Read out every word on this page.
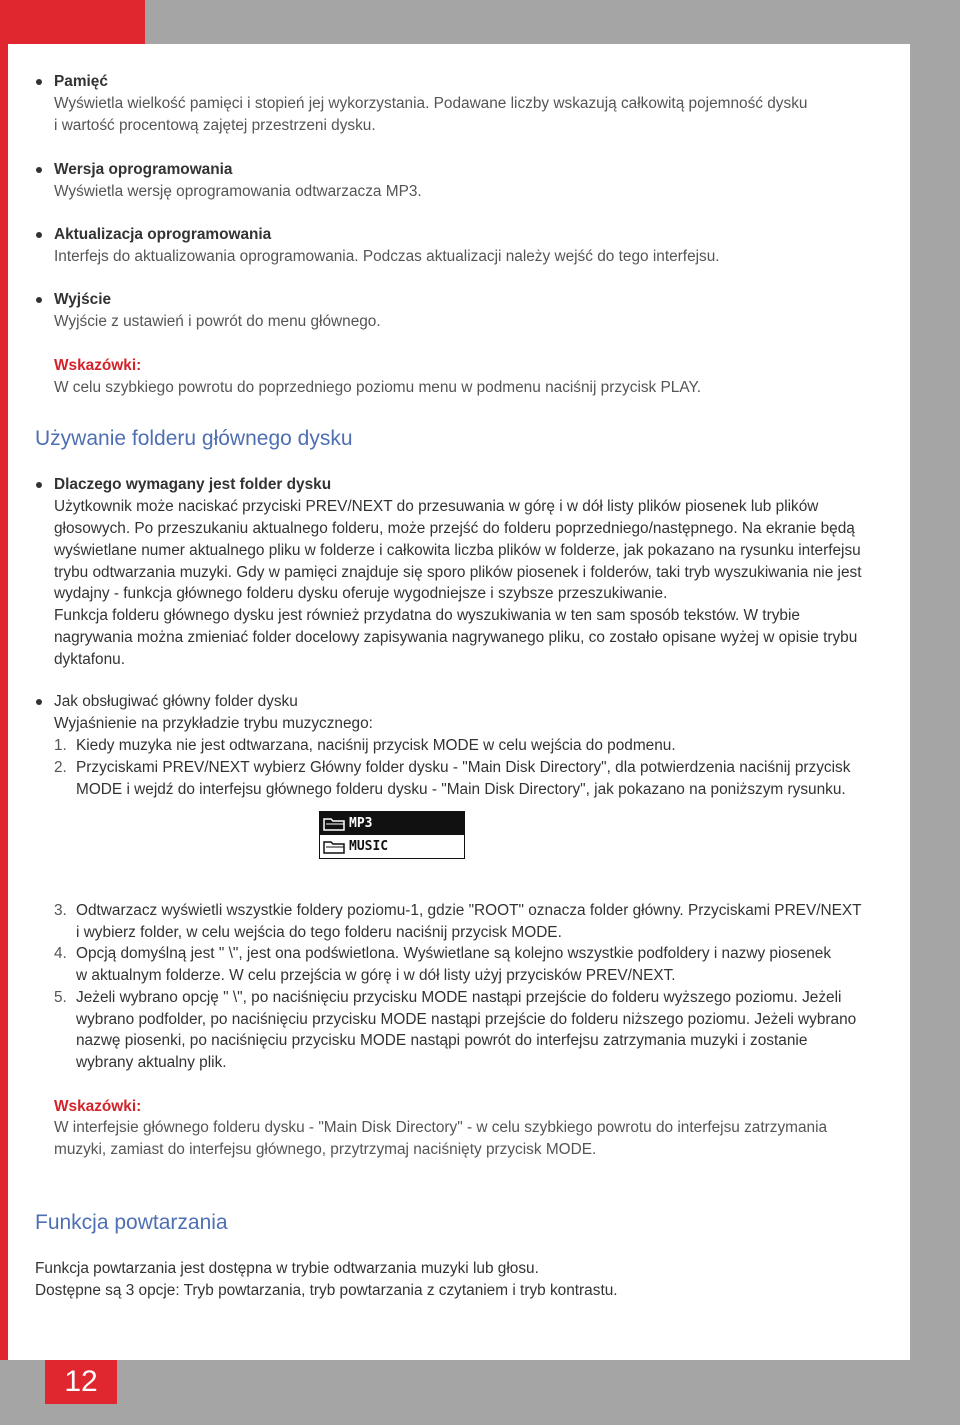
12
Pamięć
Wyświetla wielkość pamięci i stopień jej wykorzystania. Podawane liczby wskazują całkowitą pojemność dysku
i wartość procentową zajętej przestrzeni dysku.
Wersja oprogramowania
Wyświetla wersję oprogramowania odtwarzacza MP3.
Aktualizacja oprogramowania
Interfejs do aktualizowania oprogramowania. Podczas aktualizacji należy wejść do tego interfejsu.
Wyjście
Wyjście z ustawień i powrót do menu głównego.
Wskazówki:
W celu szybkiego powrotu do poprzedniego poziomu menu w podmenu naciśnij przycisk PLAY.
Używanie folderu głównego dysku
Dlaczego wymagany jest folder dysku
Użytkownik może naciskać przyciski PREV/NEXT do przesuwania w górę i w dół listy plików piosenek lub plików
głosowych. Po przeszukaniu aktualnego folderu, może przejść do folderu poprzedniego/następnego. Na ekranie będą
wyświetlane numer aktualnego pliku w folderze i całkowita liczba plików w folderze, jak pokazano na rysunku interfejsu
trybu odtwarzania muzyki. Gdy w pamięci znajduje się sporo plików piosenek i folderów, taki tryb wyszukiwania nie jest
wydajny - funkcja głównego folderu dysku oferuje wygodniejsze i szybsze przeszukiwanie.
Funkcja folderu głównego dysku jest również przydatna do wyszukiwania w ten sam sposób tekstów. W trybie
nagrywania można zmieniać folder docelowy zapisywania nagrywanego pliku, co zostało opisane wyżej w opisie trybu
dyktafonu.
Jak obsługiwać główny folder dysku
Wyjaśnienie na przykładzie trybu muzycznego:
1. Kiedy muzyka nie jest odtwarzana, naciśnij przycisk MODE w celu wejścia do podmenu.
2. Przyciskami PREV/NEXT wybierz Główny folder dysku - "Main Disk Directory", dla potwierdzenia naciśnij przycisk
MODE i wejdź do interfejsu głównego folderu dysku - "Main Disk Directory", jak pokazano na poniższym rysunku.
MP3
MUSIC
3. Odtwarzacz wyświetli wszystkie foldery poziomu-1, gdzie "ROOT" oznacza folder główny. Przyciskami PREV/NEXT
i wybierz folder, w celu wejścia do tego folderu naciśnij przycisk MODE.
4. Opcją domyślną jest " \", jest ona podświetlona. Wyświetlane są kolejno wszystkie podfoldery i nazwy piosenek
w aktualnym folderze. W celu przejścia w górę i w dół listy użyj przycisków PREV/NEXT.
5. Jeżeli wybrano opcję " \", po naciśnięciu przycisku MODE nastąpi przejście do folderu wyższego poziomu. Jeżeli
wybrano podfolder, po naciśnięciu przycisku MODE nastąpi przejście do folderu niższego poziomu. Jeżeli wybrano
nazwę piosenki, po naciśnięciu przycisku MODE nastąpi powrót do interfejsu zatrzymania muzyki i zostanie
wybrany aktualny plik.
Wskazówki:
W interfejsie głównego folderu dysku - "Main Disk Directory" - w celu szybkiego powrotu do interfejsu zatrzymania
muzyki, zamiast do interfejsu głównego, przytrzymaj naciśnięty przycisk MODE.
Funkcja powtarzania
Funkcja powtarzania jest dostępna w trybie odtwarzania muzyki lub głosu.
Dostępne są 3 opcje: Tryb powtarzania, tryb powtarzania z czytaniem i tryb kontrastu.
